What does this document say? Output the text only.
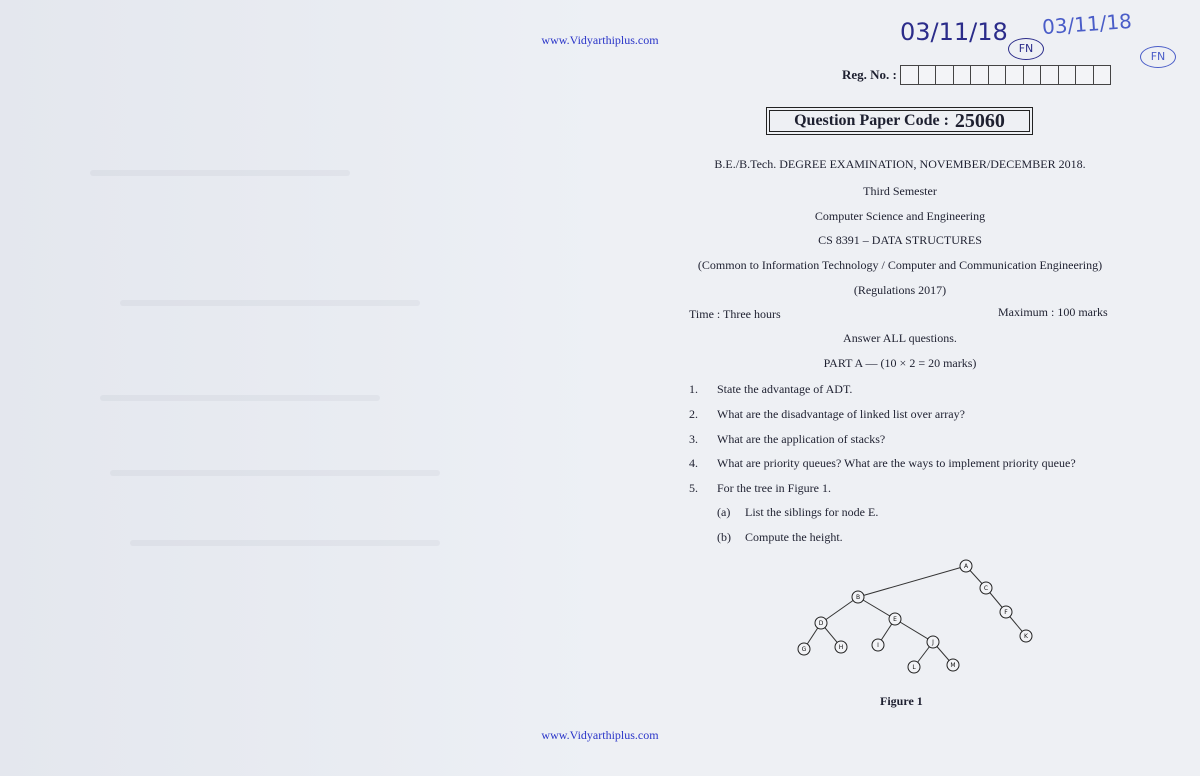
www.Vidyarthiplus.com
www.Vidyarthiplus.com
03/11/18
FN
03/11/18
FN
Reg. No. :
Question Paper Code : 25060
B.E./B.Tech. DEGREE EXAMINATION, NOVEMBER/DECEMBER 2018.
Third Semester
Computer Science and Engineering
CS 8391 – DATA STRUCTURES
(Common to Information Technology / Computer and Communication Engineering)
(Regulations 2017)
Time : Three hours	Maximum : 100 marks
Answer ALL questions.
PART A — (10 × 2 = 20 marks)
1. State the advantage of ADT.
2. What are the disadvantage of linked list over array?
3. What are the application of stacks?
4. What are priority queues? What are the ways to implement priority queue?
5. For the tree in Figure 1.
(a) List the siblings for node E.
(b) Compute the height.
A
B
C
D
E
F
K
G	H	I	J
L	M
Figure 1
